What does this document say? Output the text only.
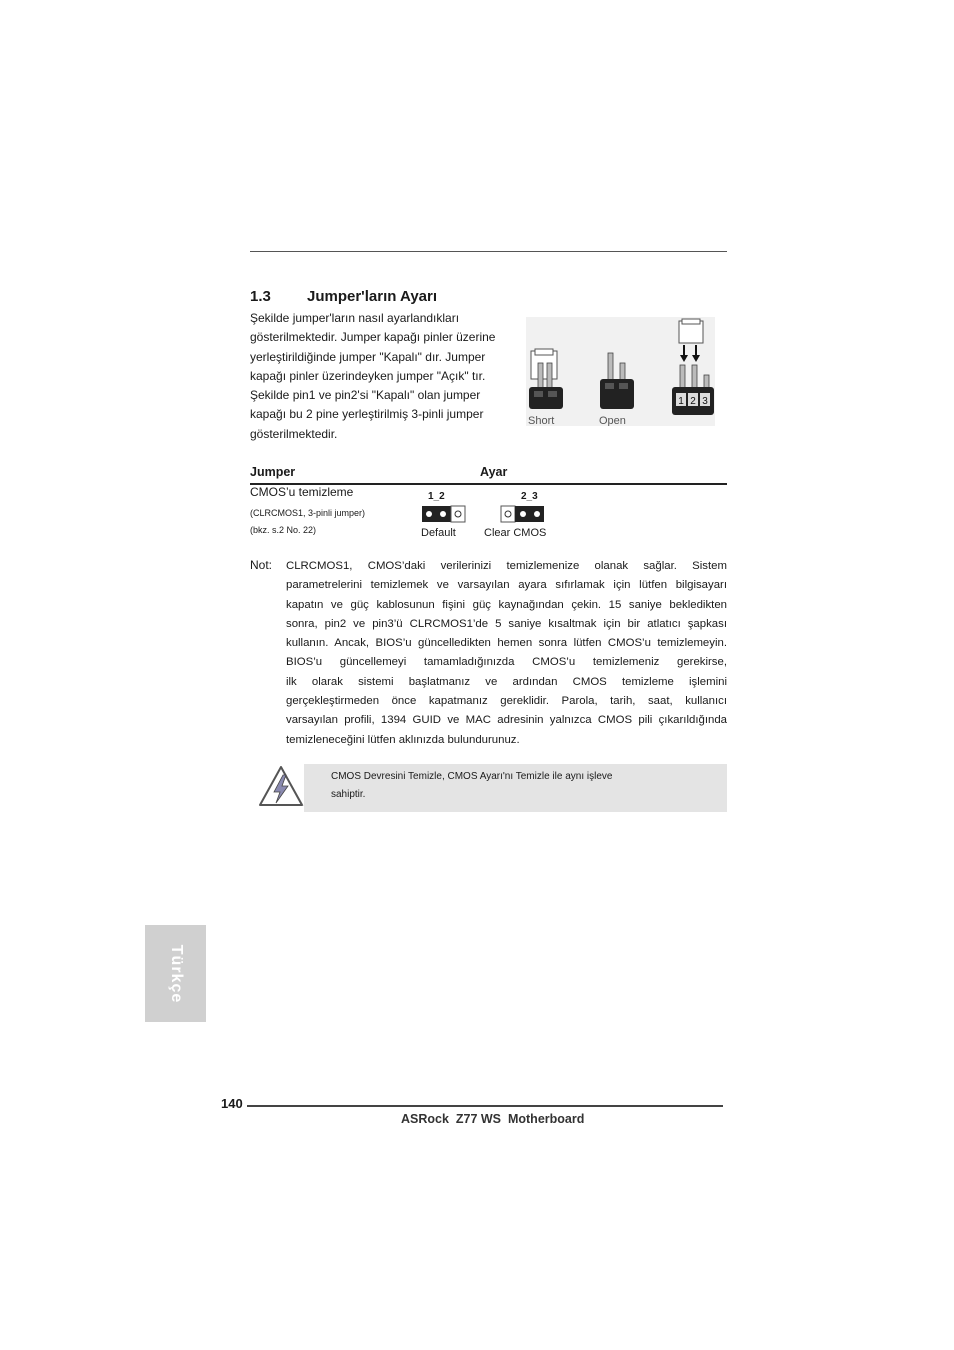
1.3 Jumper'ların Ayarı
Şekilde jumper'ların nasıl ayarlandıkları
gösterilmektedir. Jumper kapağı pinler üzerine
yerleştirildiğinde jumper "Kapalı" dır. Jumper
kapağı pinler üzerindeyken jumper "Açık" tır.
Şekilde pin1 ve pin2'si "Kapalı" olan jumper
kapağı bu 2 pine yerleştirilmiş 3-pinli jumper
gösterilmektedir.
1 2 3
Short	Open
Jumper	Ayar
CMOS’u temizleme
(CLRCMOS1, 3-pinli jumper)
(bkz. s.2 No. 22)
1_2
Default
2_3
Clear CMOS
Not: CLRCMOS1, CMOS’daki verilerinizi temizlemenize olanak sağlar. Sistem
parametrelerini temizlemek ve varsayılan ayara sıfırlamak için lütfen bilgisayarı
kapatın ve güç kablosunun fişini güç kaynağından çekin. 15 saniye bekledikten
sonra, pin2 ve pin3’ü CLRCMOS1’de 5 saniye kısaltmak için bir atlatıcı şapkası
kullanın. Ancak, BIOS’u güncelledikten hemen sonra lütfen CMOS’u temizlemeyin.
BIOS’u güncellemeyi tamamladığınızda CMOS’u temizlemeniz gerekirse,
ilk olarak sistemi başlatmanız ve ardından CMOS temizleme işlemini
gerçekleştirmeden önce kapatmanız gereklidir. Parola, tarih, saat, kullanıcı
varsayılan profili, 1394 GUID ve MAC adresinin yalnızca CMOS pili çıkarıldığında
temizleneceğini lütfen aklınızda bulundurunuz.
CMOS Devresini Temizle, CMOS Ayarı'nı Temizle ile aynı işleve
sahiptir.
Türkçe
140
ASRock  Z77 WS  Motherboard
